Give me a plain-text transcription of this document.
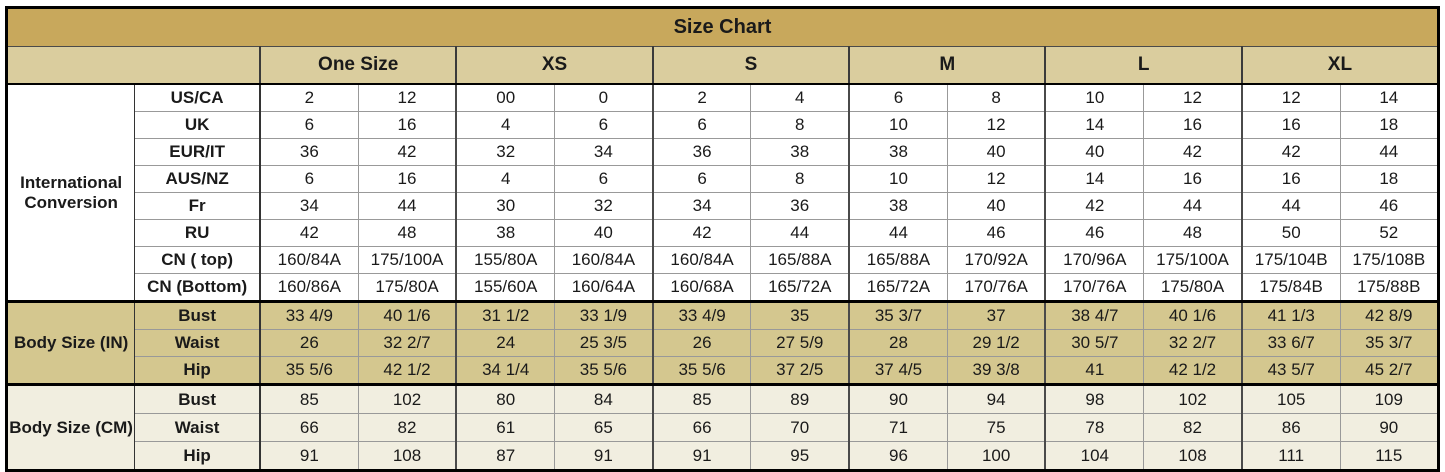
Size Chart													
		One Size		XS		S		M		L		XL	
International Conversion	US/CA	2	12	00	0	2	4	6	8	10	12	12	14
	UK	6	16	4	6	6	8	10	12	14	16	16	18
	EUR/IT	36	42	32	34	36	38	38	40	40	42	42	44
	AUS/NZ	6	16	4	6	6	8	10	12	14	16	16	18
	Fr	34	44	30	32	34	36	38	40	42	44	44	46
	RU	42	48	38	40	42	44	44	46	46	48	50	52
	CN ( top)	160/84A	175/100A	155/80A	160/84A	160/84A	165/88A	165/88A	170/92A	170/96A	175/100A	175/104B	175/108B
	CN (Bottom)	160/86A	175/80A	155/60A	160/64A	160/68A	165/72A	165/72A	170/76A	170/76A	175/80A	175/84B	175/88B
Body Size (IN)	Bust	33 4/9	40 1/6	31 1/2	33 1/9	33 4/9	35	35 3/7	37	38 4/7	40 1/6	41 1/3	42 8/9
	Waist	26	32 2/7	24	25 3/5	26	27 5/9	28	29 1/2	30 5/7	32 2/7	33 6/7	35 3/7
	Hip	35 5/6	42 1/2	34 1/4	35 5/6	35 5/6	37 2/5	37 4/5	39 3/8	41	42 1/2	43 5/7	45 2/7
Body Size (CM)	Bust	85	102	80	84	85	89	90	94	98	102	105	109
	Waist	66	82	61	65	66	70	71	75	78	82	86	90
	Hip	91	108	87	91	91	95	96	100	104	108	111	115
